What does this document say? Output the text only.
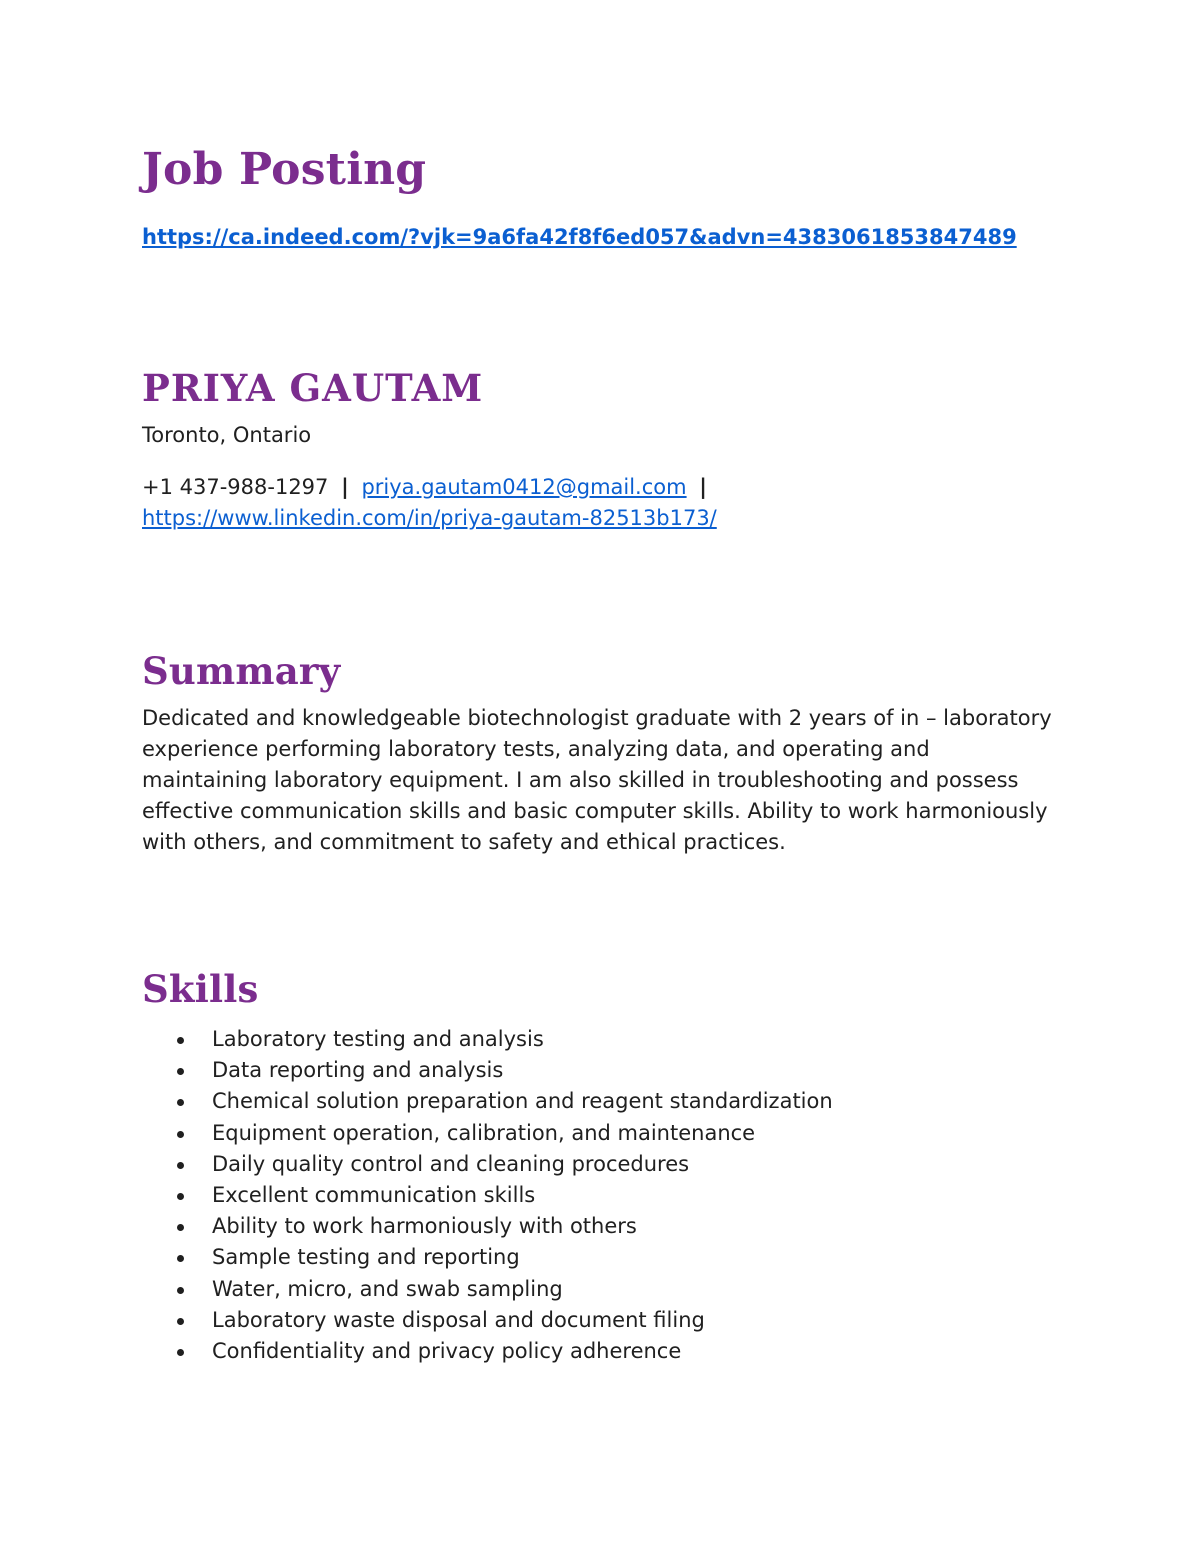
Job Posting
https://ca.indeed.com/?vjk=9a6fa42f8f6ed057&advn=4383061853847489
PRIYA GAUTAM
Toronto, Ontario
+1 437-988-1297 | priya.gautam0412@gmail.com |
https://www.linkedin.com/in/priya-gautam-82513b173/
Summary

Dedicated and knowledgeable biotechnologist graduate with 2 years of in – laboratory experience performing laboratory tests, analyzing data, and operating and maintaining laboratory equipment. I am also skilled in troubleshooting and possess effective communication skills and basic computer skills. Ability to work harmoniously with others, and commitment to safety and ethical practices.

Skills
Laboratory testing and analysis
Data reporting and analysis
Chemical solution preparation and reagent standardization
Equipment operation, calibration, and maintenance
Daily quality control and cleaning procedures
Excellent communication skills
Ability to work harmoniously with others
Sample testing and reporting
Water, micro, and swab sampling
Laboratory waste disposal and document filing
Confidentiality and privacy policy adherence
